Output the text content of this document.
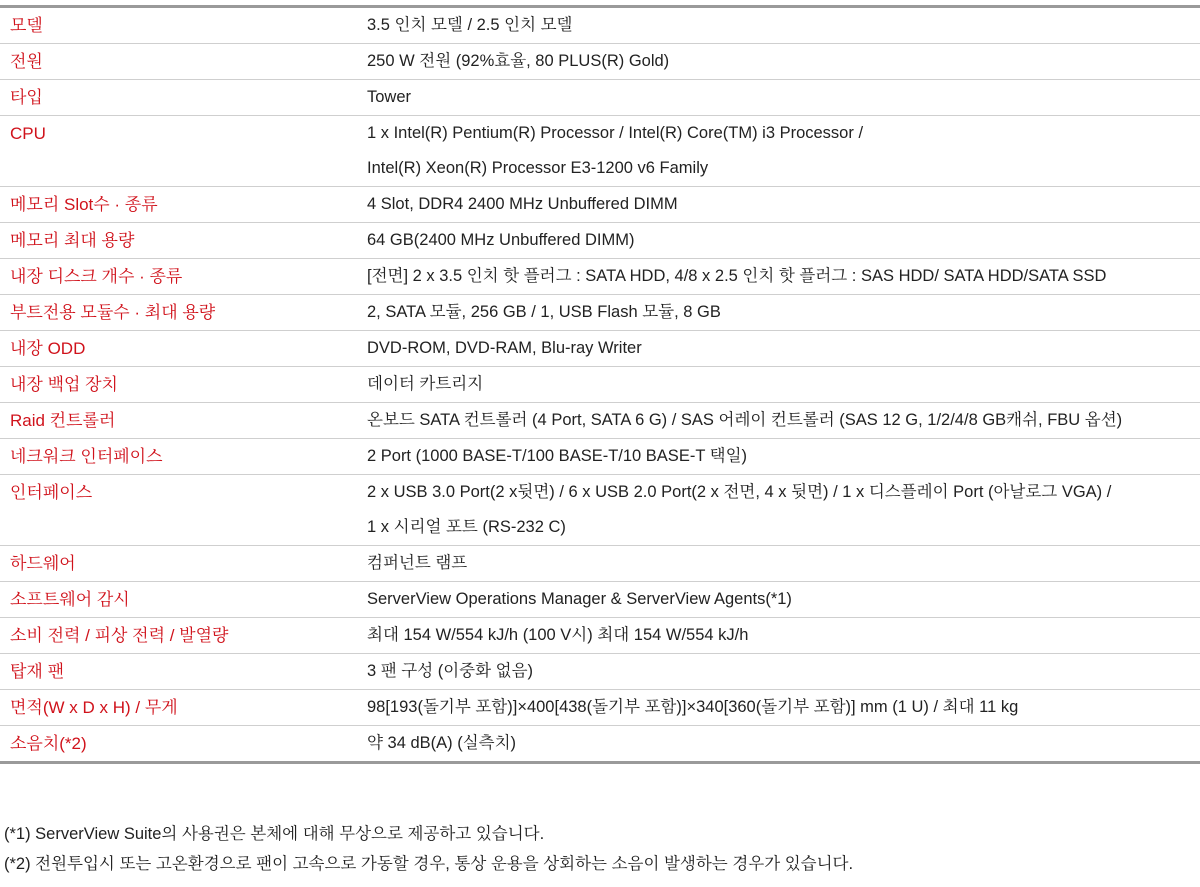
모델	3.5 인치 모델 / 2.5 인치 모델
전원	250 W 전원 (92%효율, 80 PLUS(R) Gold)
타입	Tower
CPU	1 x Intel(R) Pentium(R) Processor / Intel(R) Core(TM) i3 Processor /
Intel(R) Xeon(R) Processor E3-1200 v6 Family
메모리 Slot수 · 종류	4 Slot, DDR4 2400 MHz Unbuffered DIMM
메모리 최대 용량	64 GB(2400 MHz Unbuffered DIMM)
내장 디스크 개수 · 종류	[전면] 2 x 3.5 인치 핫 플러그 : SATA HDD, 4/8 x 2.5 인치 핫 플러그 : SAS HDD/ SATA HDD/SATA SSD
부트전용 모듈수 · 최대 용량	2, SATA 모듈, 256 GB / 1, USB Flash 모듈, 8 GB
내장 ODD	DVD-ROM, DVD-RAM, Blu-ray Writer
내장 백업 장치	데이터 카트리지
Raid 컨트롤러	온보드 SATA 컨트롤러 (4 Port, SATA 6 G) / SAS 어레이 컨트롤러 (SAS 12 G, 1/2/4/8 GB캐쉬, FBU 옵션)
네크워크 인터페이스	2 Port (1000 BASE-T/100 BASE-T/10 BASE-T 택일)
인터페이스	2 x USB 3.0 Port(2 x뒷면) / 6 x USB 2.0 Port(2 x 전면, 4 x 뒷면) / 1 x 디스플레이 Port (아날로그 VGA) /
1 x 시리얼 포트 (RS-232 C)
하드웨어	컴퍼넌트 램프
소프트웨어 감시	ServerView Operations Manager & ServerView Agents(*1)
소비 전력 / 피상 전력 / 발열량	최대 154 W/554 kJ/h (100 V시) 최대 154 W/554 kJ/h
탑재 팬	3 팬 구성 (이중화 없음)
면적(W x D x H) / 무게	98[193(돌기부 포함)]×400[438(돌기부 포함)]×340[360(돌기부 포함)] mm (1 U) / 최대 11 kg
소음치(*2)	약 34 dB(A) (실측치)
(*1) ServerView Suite의 사용권은 본체에 대해 무상으로 제공하고 있습니다.
(*2) 전원투입시 또는 고온환경으로 팬이 고속으로 가동할 경우, 통상 운용을 상회하는 소음이 발생하는 경우가 있습니다.
